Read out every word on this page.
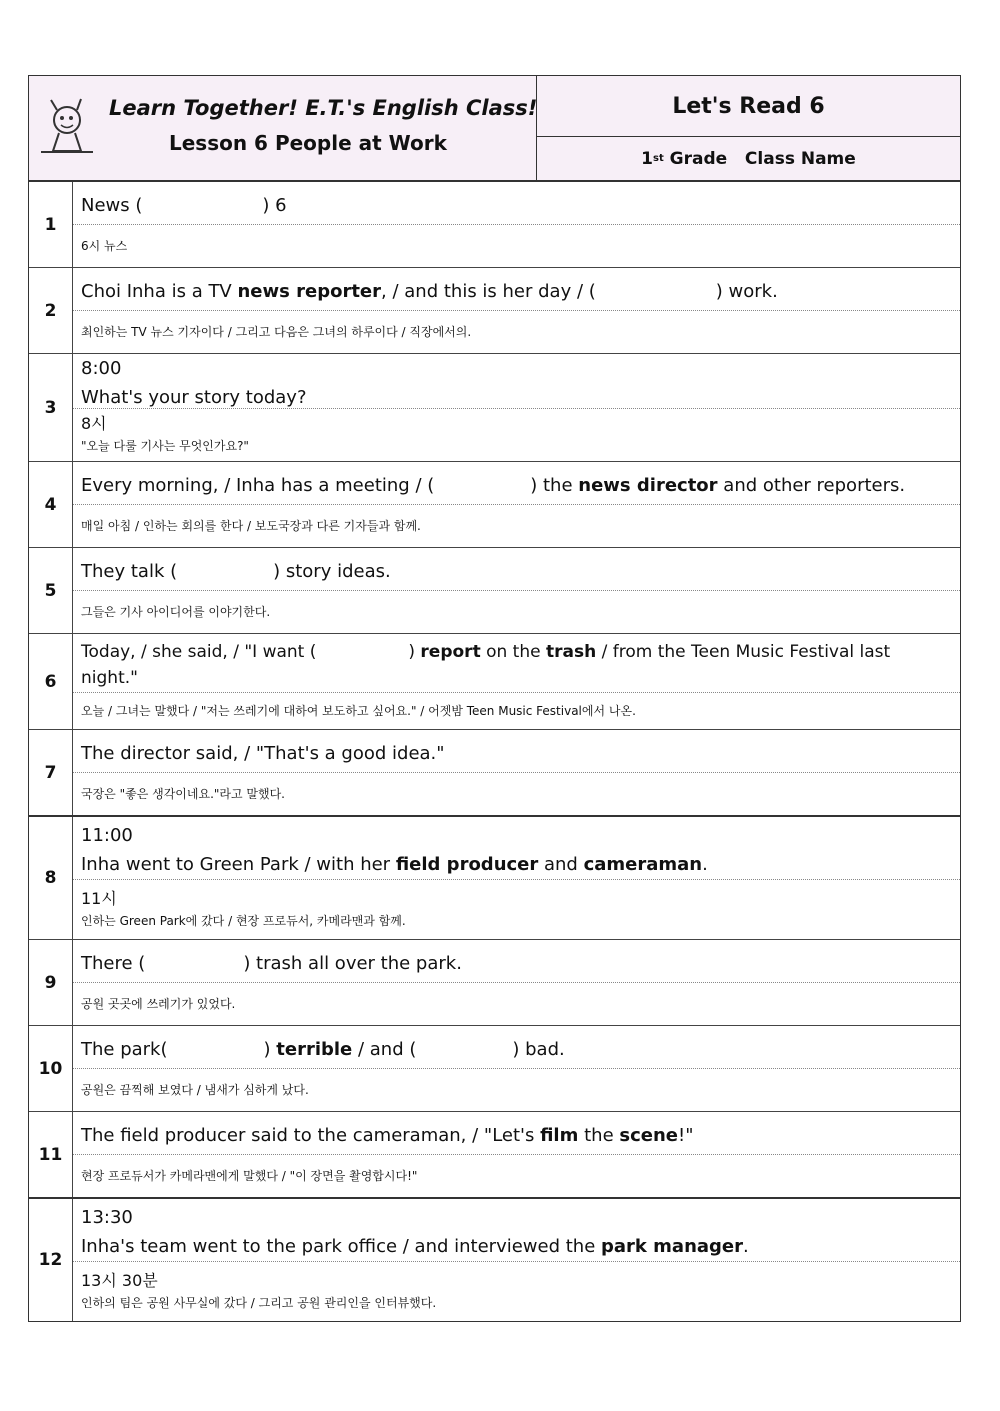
Learn Together! E.T.'s English Class!
Lesson 6 People at Work
Let's Read 6
1 st Grade   Class Name
1
News (	) 6
6시 뉴스
2
Choi Inha is a TV news reporter, / and this is her day / (	) work.
최인하는 TV 뉴스 기자이다 / 그리고 다음은 그녀의 하루이다 / 직장에서의.
3
8:00
What's your story today?
8시
"오늘 다룰 기사는 무엇인가요?"
4
Every morning, / Inha has a meeting / (	) the news director and other reporters.
매일 아침 / 인하는 회의를 한다 / 보도국장과 다른 기자들과 함께.
5
They talk (	) story ideas.
그들은 기사 아이디어를 이야기한다.
6
Today, / she said, / "I want (	) report on the trash / from the Teen Music Festival last night."
오늘 / 그녀는 말했다 / "저는 쓰레기에 대하여 보도하고 싶어요." / 어젯밤 Teen Music Festival에서 나온.
7
The director said, / "That's a good idea."
국장은 "좋은 생각이네요."라고 말했다.
8
11:00
Inha went to Green Park / with her field producer and cameraman.
11시
인하는 Green Park에 갔다 / 현장 프로듀서, 카메라맨과 함께.
9
There (	) trash all over the park.
공원 곳곳에 쓰레기가 있었다.
10
The park(	) terrible / and (	) bad.
공원은 끔찍해 보였다 / 냄새가 심하게 났다.
11
The field producer said to the cameraman, / "Let's film the scene!"
현장 프로듀서가 카메라맨에게 말했다 / "이 장면을 촬영합시다!"
12
13:30
Inha's team went to the park office / and interviewed the park manager.
13시 30분
인하의 팀은 공원 사무실에 갔다 / 그리고 공원 관리인을 인터뷰했다.
